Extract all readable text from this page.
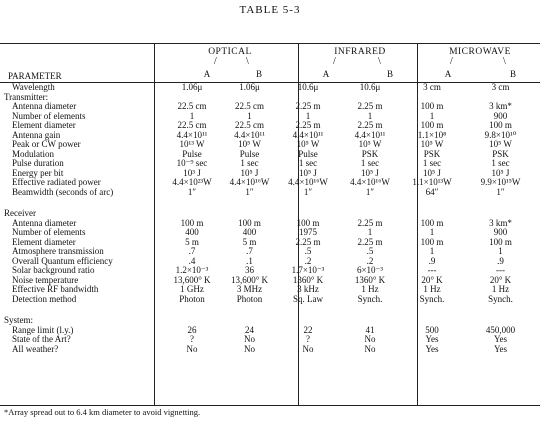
TABLE 5-3
OPTICAL	INFRARED	MICROWAVE
/	\	/	\	/	\
A	B	A	B	A	B
PARAMETER
Wavelength	1.06μ	1.06μ	10.6μ	10.6μ	3 cm	3 cm
Transmitter:						
Antenna diameter	22.5 cm	22.5 cm	2.25 m	2.25 m	100 m	3 km*
Number of elements	1	1	1	1	1	900
Element diameter	22.5 cm	22.5 cm	2.25 m	2.25 m	100 m	100 m
Antenna gain	4.4×10¹¹	4.4×10¹¹	4.4×10¹¹	4.4×10¹¹	1.1×10⁸	9.8×10¹⁰
Peak or CW power	10¹³ W	10⁵ W	10⁵ W	10⁵ W	10⁵ W	10⁵ W
Modulation	Pulse	Pulse	Pulse	PSK	PSK	PSK
Pulse duration	10⁻⁹ sec	1 sec	1 sec	1 sec	1 sec	1 sec
Energy per bit	10³ J	10⁵ J	10⁵ J	10⁵ J	10⁵ J	10⁵ J
Effective radiated power	4.4×10²³W	4.4×10¹⁶W	4.4×10¹⁶W	4.4×10¹⁶W	1.1×10¹³W	9.9×10¹⁵W
Beamwidth (seconds of arc)	1″	1″	1″	1″	64″	1″

Receiver						
Antenna diameter	100 m	100 m	100 m	2.25 m	100 m	3 km*
Number of elements	400	400	1975	1	1	900
Element diameter	5 m	5 m	2.25 m	2.25 m	100 m	100 m
Atmosphere transmission	.7	.7	.5	.5	1	1
Overall Quantum efficiency	.4	.1	.2	.2	.9	.9
Solar background ratio	1.2×10⁻³	36	1.7×10⁻³	6×10⁻³	---	---
Noise temperature	13,600° K	13,600° K	1360° K	1360° K	20° K	20° K
Effective RF bandwidth	1 GHz	3 MHz	3 kHz	1 Hz	1 Hz	1 Hz
Detection method	Photon	Photon	Sq. Law	Synch.	Synch.	Synch.

System:						
Range limit (l.y.)	26	24	22	41	500	450,000
State of the Art?	?	No	?	No	Yes	Yes
All weather?	No	No	No	No	Yes	Yes
*Array spread out to 6.4 km diameter to avoid vignetting.
